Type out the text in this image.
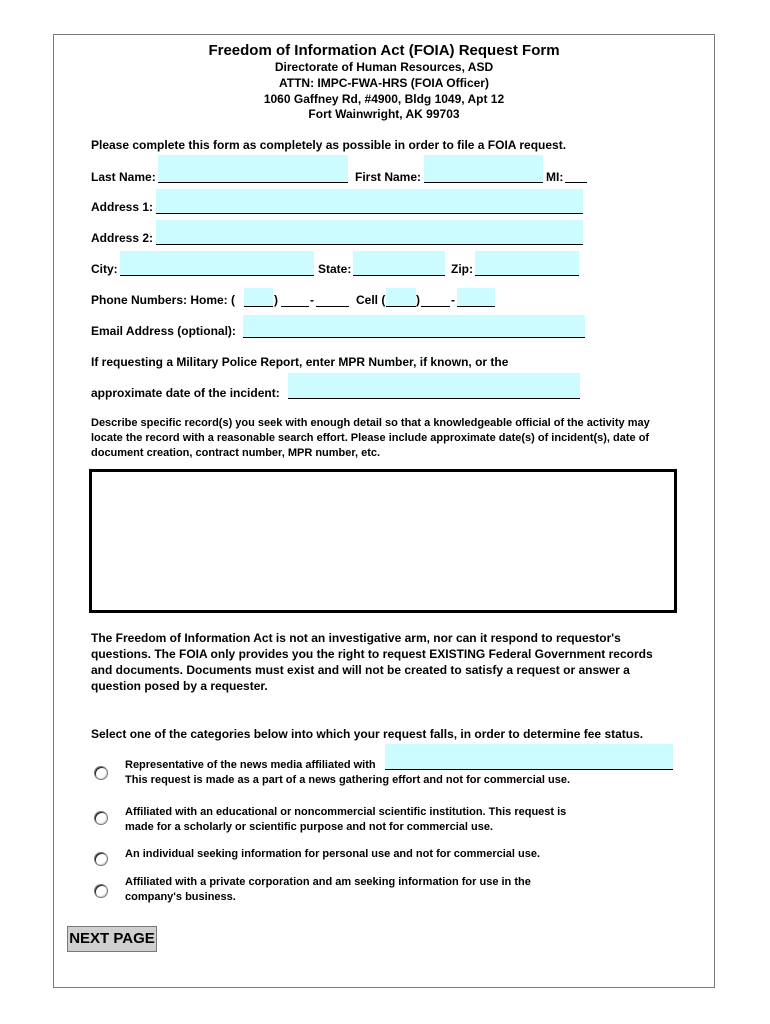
Freedom of Information Act (FOIA) Request Form
Directorate of Human Resources, ASD
ATTN: IMPC-FWA-HRS (FOIA Officer)
1060 Gaffney Rd, #4900, Bldg 1049, Apt 12
Fort Wainwright, AK 99703
Please complete this form as completely as possible in order to file a FOIA request.
Last Name:	First Name:	MI:
Address 1:
Address 2:
City:	State:	Zip:
Phone Numbers: Home: (	)	-	Cell (	)	-
Email Address (optional):
If requesting a Military Police Report, enter MPR Number, if known, or the
approximate date of the incident:
Describe specific record(s) you seek with enough detail so that a knowledgeable official of the activity may locate the record with a reasonable search effort. Please include approximate date(s) of incident(s), date of document creation, contract number, MPR number, etc.
The Freedom of Information Act is not an investigative arm, nor can it respond to requestor's questions. The FOIA only provides you the right to request EXISTING Federal Government records and documents. Documents must exist and will not be created to satisfy a request or answer a question posed by a requester.
Select one of the categories below into which your request falls, in order to determine fee status.
Representative of the news media affiliated with
This request is made as a part of a news gathering effort and not for commercial use.
Affiliated with an educational or noncommercial scientific institution. This request is
made for a scholarly or scientific purpose and not for commercial use.
An individual seeking information for personal use and not for commercial use.
Affiliated with a private corporation and am seeking information for use in the
company's business.
NEXT PAGE
